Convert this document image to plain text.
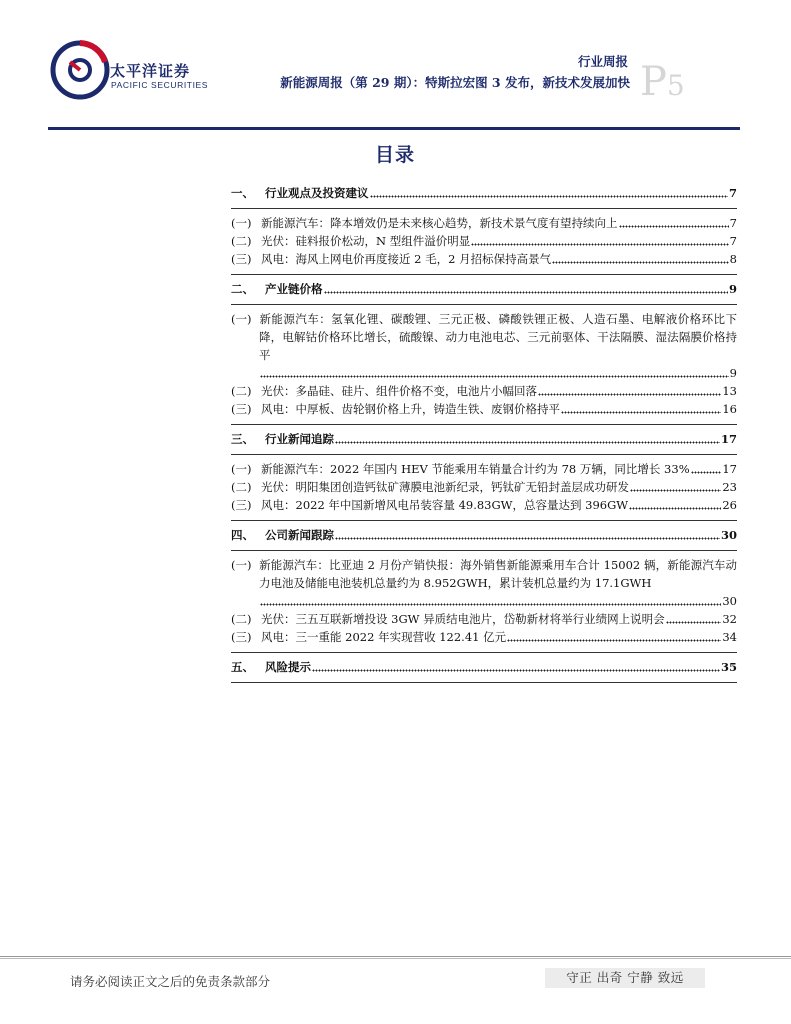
太平洋证券
PACIFIC SECURITIES
行业周报
新能源周报（第 29 期）：特斯拉宏图 3 发布，新技术发展加快 P5
目录
一、 行业观点及投资建议	7
(一) 新能源汽车：降本增效仍是未来核心趋势，新技术景气度有望持续向上	7
(二) 光伏：硅料报价松动，N 型组件溢价明显	7
(三) 风电：海风上网电价再度接近 2 毛，2 月招标保持高景气	8
二、 产业链价格	9
(一) 新能源汽车：氢氧化锂、碳酸锂、三元正极、磷酸铁锂正极、人造石墨、电解液价格环比下降，电解钴价格环比增长，硫酸镍、动力电池电芯、三元前驱体、干法隔膜、湿法隔膜价格持平
9
(二) 光伏：多晶硅、硅片、组件价格不变，电池片小幅回落	13
(三) 风电：中厚板、齿轮钢价格上升，铸造生铁、废钢价格持平	16
三、 行业新闻追踪	17
(一) 新能源汽车：2022 年国内 HEV 节能乘用车销量合计约为 78 万辆，同比增长 33%	17
(二) 光伏：明阳集团创造钙钛矿薄膜电池新纪录，钙钛矿无铅封盖层成功研发	23
(三) 风电：2022 年中国新增风电吊装容量 49.83GW，总容量达到 396GW	26
四、 公司新闻跟踪	30
(一) 新能源汽车：比亚迪 2 月份产销快报：海外销售新能源乘用车合计 15002 辆，新能源汽车动力电池及储能电池装机总量约为 8.952GWH，累计装机总量约为 17.1GWH
30
(二) 光伏：三五互联新增投设 3GW 异质结电池片，岱勒新材将举行业绩网上说明会	32
(三) 风电：三一重能 2022 年实现营收 122.41 亿元	34
五、 风险提示	35
请务必阅读正文之后的免责条款部分	守正 出奇 宁静 致远
